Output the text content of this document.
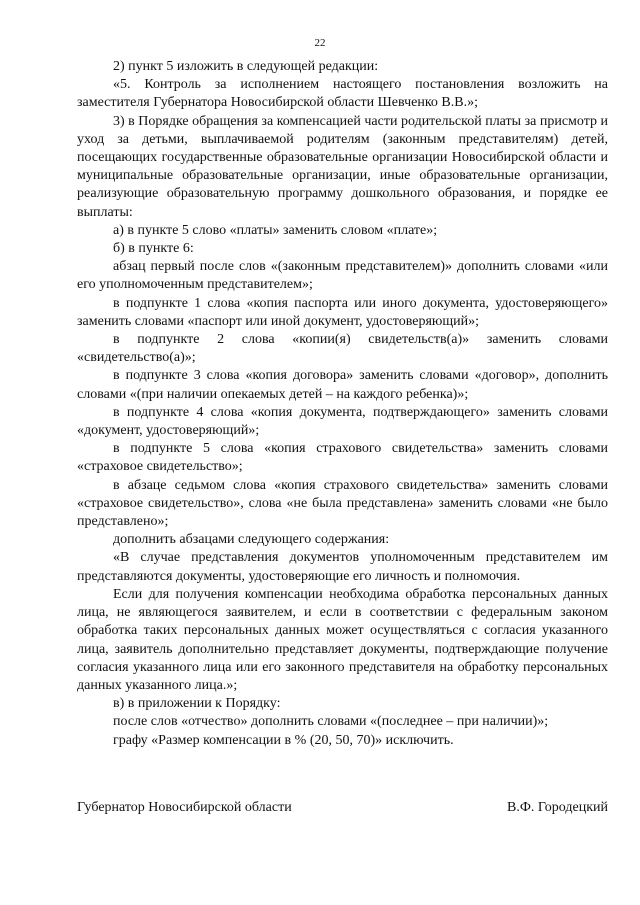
22

2) пункт 5 изложить в следующей редакции:

«5. Контроль за исполнением настоящего постановления возложить на заместителя Губернатора Новосибирской области Шевченко В.В.»;

3) в Порядке обращения за компенсацией части родительской платы за присмотр и уход за детьми, выплачиваемой родителям (законным представителям) детей, посещающих государственные образовательные организации Новосибирской области и муниципальные образовательные организации, иные образовательные организации, реализующие образовательную программу дошкольного образования, и порядке ее выплаты:

а) в пункте 5 слово «платы» заменить словом «плате»;

б) в пункте 6:

абзац первый после слов «(законным представителем)» дополнить словами «или его уполномоченным представителем»;

в подпункте 1 слова «копия паспорта или иного документа, удостоверяющего» заменить словами «паспорт или иной документ, удостоверяющий»;

в подпункте 2 слова «копии(я) свидетельств(а)» заменить словами «свидетельство(а)»;

в подпункте 3 слова «копия договора» заменить словами «договор», дополнить словами «(при наличии опекаемых детей – на каждого ребенка)»;

в подпункте 4 слова «копия документа, подтверждающего» заменить словами «документ, удостоверяющий»;

в подпункте 5 слова «копия страхового свидетельства» заменить словами «страховое свидетельство»;

в абзаце седьмом слова «копия страхового свидетельства» заменить словами «страховое свидетельство», слова «не была представлена» заменить словами «не было представлено»;

дополнить абзацами следующего содержания:

«В случае представления документов уполномоченным представителем им представляются документы, удостоверяющие его личность и полномочия.

Если для получения компенсации необходима обработка персональных данных лица, не являющегося заявителем, и если в соответствии с федеральным законом обработка таких персональных данных может осуществляться с согласия указанного лица, заявитель дополнительно представляет документы, подтверждающие получение согласия указанного лица или его законного представителя на обработку персональных данных указанного лица.»;

в) в приложении к Порядку:

после слов «отчество» дополнить словами «(последнее – при наличии)»;

графу «Размер компенсации в % (20, 50, 70)» исключить.

Губернатор Новосибирской области	В.Ф. Городецкий
